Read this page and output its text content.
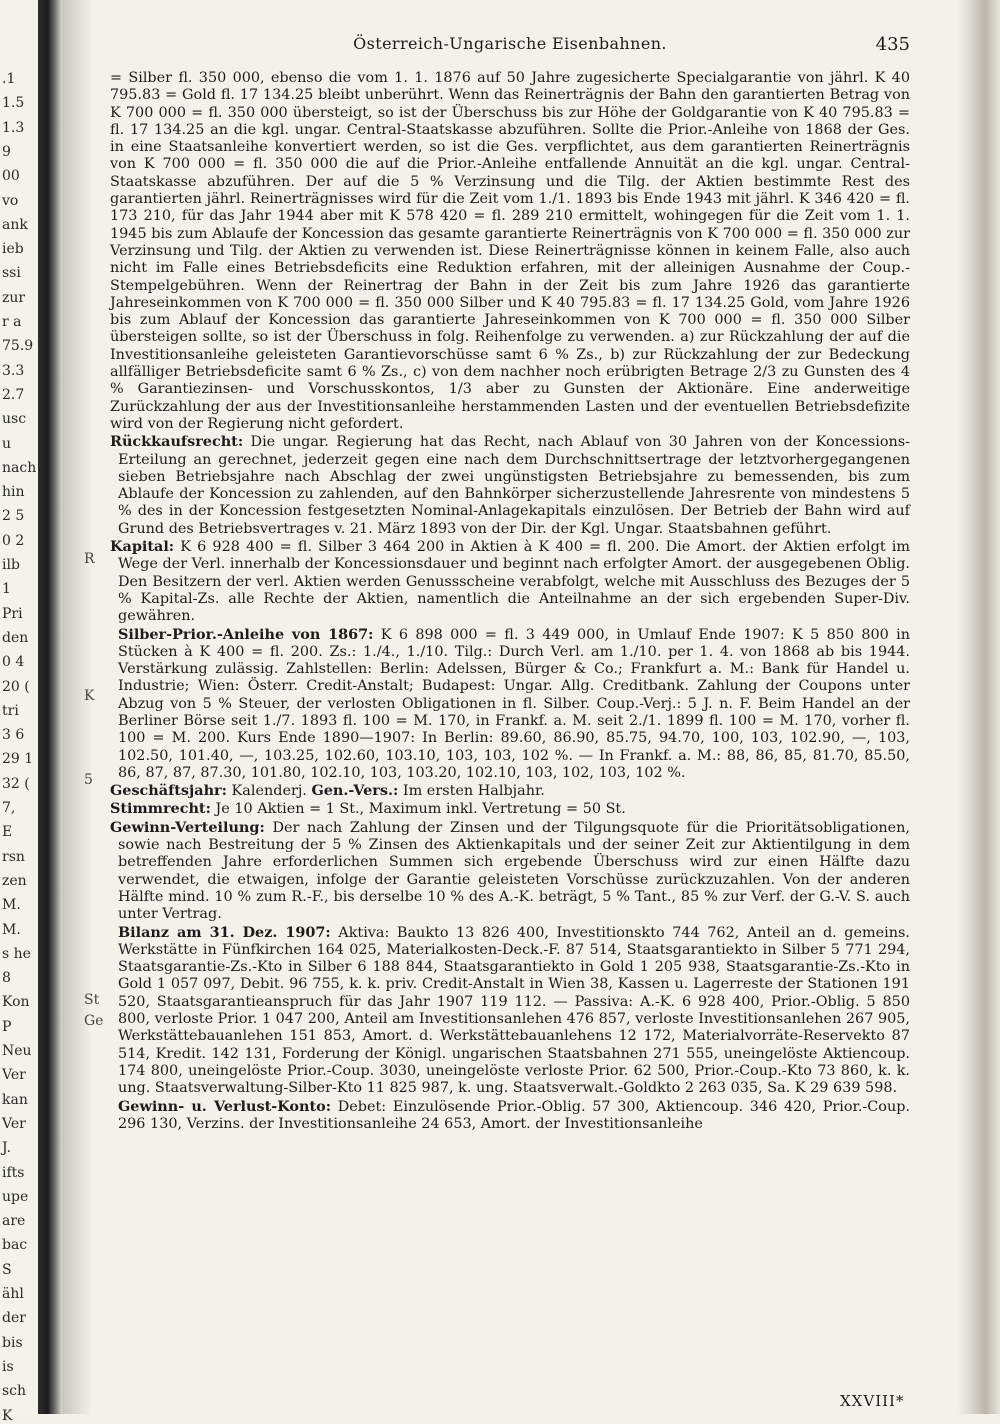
.1
1.5
1.3
9
00
vo
ank
ieb
ssi
zur
r a
75.9
3.3
2.7
usc
u
nach
hin
2 5
0 2
ilb
1
Pri
den
0 4
20 (
tri
3 6
29 1
32 (
7,
E
rsn
zen
M.
M.
s he
8
Kon
P
Neu
Ver
kan
Ver
J.
ifts
upe
are
bac
S
ähl
der
bis
is
sch
K
Österreich-Ungarische Eisenbahnen.	435

= Silber fl. 350 000, ebenso die vom 1. 1. 1876 auf 50 Jahre zugesicherte Specialgarantie von jährl. K 40 795.83 = Gold fl. 17 134.25 bleibt unberührt. Wenn das Reinerträgnis der Bahn den garantierten Betrag von K 700 000 = fl. 350 000 übersteigt, so ist der Überschuss bis zur Höhe der Goldgarantie von K 40 795.83 = fl. 17 134.25 an die kgl. ungar. Central-Staatskasse abzuführen. Sollte die Prior.-Anleihe von 1868 der Ges. in eine Staatsanleihe konvertiert werden, so ist die Ges. verpflichtet, aus dem garantierten Reinerträgnis von K 700 000 = fl. 350 000 die auf die Prior.-Anleihe entfallende Annuität an die kgl. ungar. Central-Staatskasse abzuführen. Der auf die 5 % Verzinsung und die Tilg. der Aktien bestimmte Rest des garantierten jährl. Reinerträgnisses wird für die Zeit vom 1./1. 1893 bis Ende 1943 mit jährl. K 346 420 = fl. 173 210, für das Jahr 1944 aber mit K 578 420 = fl. 289 210 ermittelt, wohingegen für die Zeit vom 1. 1. 1945 bis zum Ablaufe der Koncession das gesamte garantierte Reinerträgnis von K 700 000 = fl. 350 000 zur Verzinsung und Tilg. der Aktien zu verwenden ist. Diese Reinerträgnisse können in keinem Falle, also auch nicht im Falle eines Betriebsdeficits eine Reduktion erfahren, mit der alleinigen Ausnahme der Coup.-Stempelgebühren. Wenn der Reinertrag der Bahn in der Zeit bis zum Jahre 1926 das garantierte Jahreseinkommen von K 700 000 = fl. 350 000 Silber und K 40 795.83 = fl. 17 134.25 Gold, vom Jahre 1926 bis zum Ablauf der Koncession das garantierte Jahreseinkommen von K 700 000 = fl. 350 000 Silber übersteigen sollte, so ist der Überschuss in folg. Reihenfolge zu verwenden. a) zur Rückzahlung der auf die Investitionsanleihe geleisteten Garantievorschüsse samt 6 % Zs., b) zur Rückzahlung der zur Bedeckung allfälliger Betriebsdeficite samt 6 % Zs., c) von dem nachher noch erübrigten Betrage 2/3 zu Gunsten des 4 % Garantiezinsen- und Vorschusskontos, 1/3 aber zu Gunsten der Aktionäre. Eine anderweitige Zurückzahlung der aus der Investitionsanleihe herstammenden Lasten und der eventuellen Betriebsdefizite wird von der Regierung nicht gefordert.

Rückkaufsrecht: Die ungar. Regierung hat das Recht, nach Ablauf von 30 Jahren von der Koncessions-Erteilung an gerechnet, jederzeit gegen eine nach dem Durchschnittsertrage der letztvorhergegangenen sieben Betriebsjahre nach Abschlag der zwei ungünstigsten Betriebsjahre zu bemessenden, bis zum Ablaufe der Koncession zu zahlenden, auf den Bahnkörper sicherzustellende Jahresrente von mindestens 5 % des in der Koncession festgesetzten Nominal-Anlagekapitals einzulösen. Der Betrieb der Bahn wird auf Grund des Betriebsvertrages v. 21. März 1893 von der Dir. der Kgl. Ungar. Staatsbahnen geführt.

Kapital: K 6 928 400 = fl. Silber 3 464 200 in Aktien à K 400 = fl. 200. Die Amort. der Aktien erfolgt im Wege der Verl. innerhalb der Koncessionsdauer und beginnt nach erfolgter Amort. der ausgegebenen Oblig. Den Besitzern der verl. Aktien werden Genussscheine verabfolgt, welche mit Ausschluss des Bezuges der 5 % Kapital-Zs. alle Rechte der Aktien, namentlich die Anteilnahme an der sich ergebenden Super-Div. gewähren.

Silber-Prior.-Anleihe von 1867: K 6 898 000 = fl. 3 449 000, in Umlauf Ende 1907: K 5 850 800 in Stücken à K 400 = fl. 200. Zs.: 1./4., 1./10. Tilg.: Durch Verl. am 1./10. per 1. 4. von 1868 ab bis 1944. Verstärkung zulässig. Zahlstellen: Berlin: Adelssen, Bürger & Co.; Frankfurt a. M.: Bank für Handel u. Industrie; Wien: Österr. Credit-Anstalt; Budapest: Ungar. Allg. Creditbank. Zahlung der Coupons unter Abzug von 5 % Steuer, der verlosten Obligationen in fl. Silber. Coup.-Verj.: 5 J. n. F. Beim Handel an der Berliner Börse seit 1./7. 1893 fl. 100 = M. 170, in Frankf. a. M. seit 2./1. 1899 fl. 100 = M. 170, vorher fl. 100 = M. 200. Kurs Ende 1890—1907: In Berlin: 89.60, 86.90, 85.75, 94.70, 100, 103, 102.90, —, 103, 102.50, 101.40, —, 103.25, 102.60, 103.10, 103, 103, 102 %. — In Frankf. a. M.: 88, 86, 85, 81.70, 85.50, 86, 87, 87, 87.30, 101.80, 102.10, 103, 103.20, 102.10, 103, 102, 103, 102 %.

Geschäftsjahr: Kalenderj. Gen.-Vers.: Im ersten Halbjahr.

Stimmrecht: Je 10 Aktien = 1 St., Maximum inkl. Vertretung = 50 St.

Gewinn-Verteilung: Der nach Zahlung der Zinsen und der Tilgungsquote für die Prioritätsobligationen, sowie nach Bestreitung der 5 % Zinsen des Aktienkapitals und der seiner Zeit zur Aktientilgung in dem betreffenden Jahre erforderlichen Summen sich ergebende Überschuss wird zur einen Hälfte dazu verwendet, die etwaigen, infolge der Garantie geleisteten Vorschüsse zurückzuzahlen. Von der anderen Hälfte mind. 10 % zum R.-F., bis derselbe 10 % des A.-K. beträgt, 5 % Tant., 85 % zur Verf. der G.-V. S. auch unter Vertrag.

Bilanz am 31. Dez. 1907: Aktiva: Baukto 13 826 400, Investitionskto 744 762, Anteil an d. gemeins. Werkstätte in Fünfkirchen 164 025, Materialkosten-Deck.-F. 87 514, Staatsgarantiekto in Silber 5 771 294, Staatsgarantie-Zs.-Kto in Silber 6 188 844, Staatsgarantiekto in Gold 1 205 938, Staatsgarantie-Zs.-Kto in Gold 1 057 097, Debit. 96 755, k. k. priv. Credit-Anstalt in Wien 38, Kassen u. Lagerreste der Stationen 191 520, Staatsgarantieanspruch für das Jahr 1907 119 112. — Passiva: A.-K. 6 928 400, Prior.-Oblig. 5 850 800, verloste Prior. 1 047 200, Anteil am Investitionsanlehen 476 857, verloste Investitionsanlehen 267 905, Werkstättebauanlehen 151 853, Amort. d. Werkstättebauanlehens 12 172, Materialvorräte-Reservekto 87 514, Kredit. 142 131, Forderung der Königl. ungarischen Staatsbahnen 271 555, uneingelöste Aktiencoup. 174 800, uneingelöste Prior.-Coup. 3030, uneingelöste verloste Prior. 62 500, Prior.-Coup.-Kto 73 860, k. k. ung. Staatsverwaltung-Silber-Kto 11 825 987, k. ung. Staatsverwalt.-Goldkto 2 263 035, Sa. K 29 639 598.

Gewinn- u. Verlust-Konto: Debet: Einzulösende Prior.-Oblig. 57 300, Aktiencoup. 346 420, Prior.-Coup. 296 130, Verzins. der Investitionsanleihe 24 653, Amort. der Investitionsanleihe

R
K
5
St
Ge
XXVIII*
